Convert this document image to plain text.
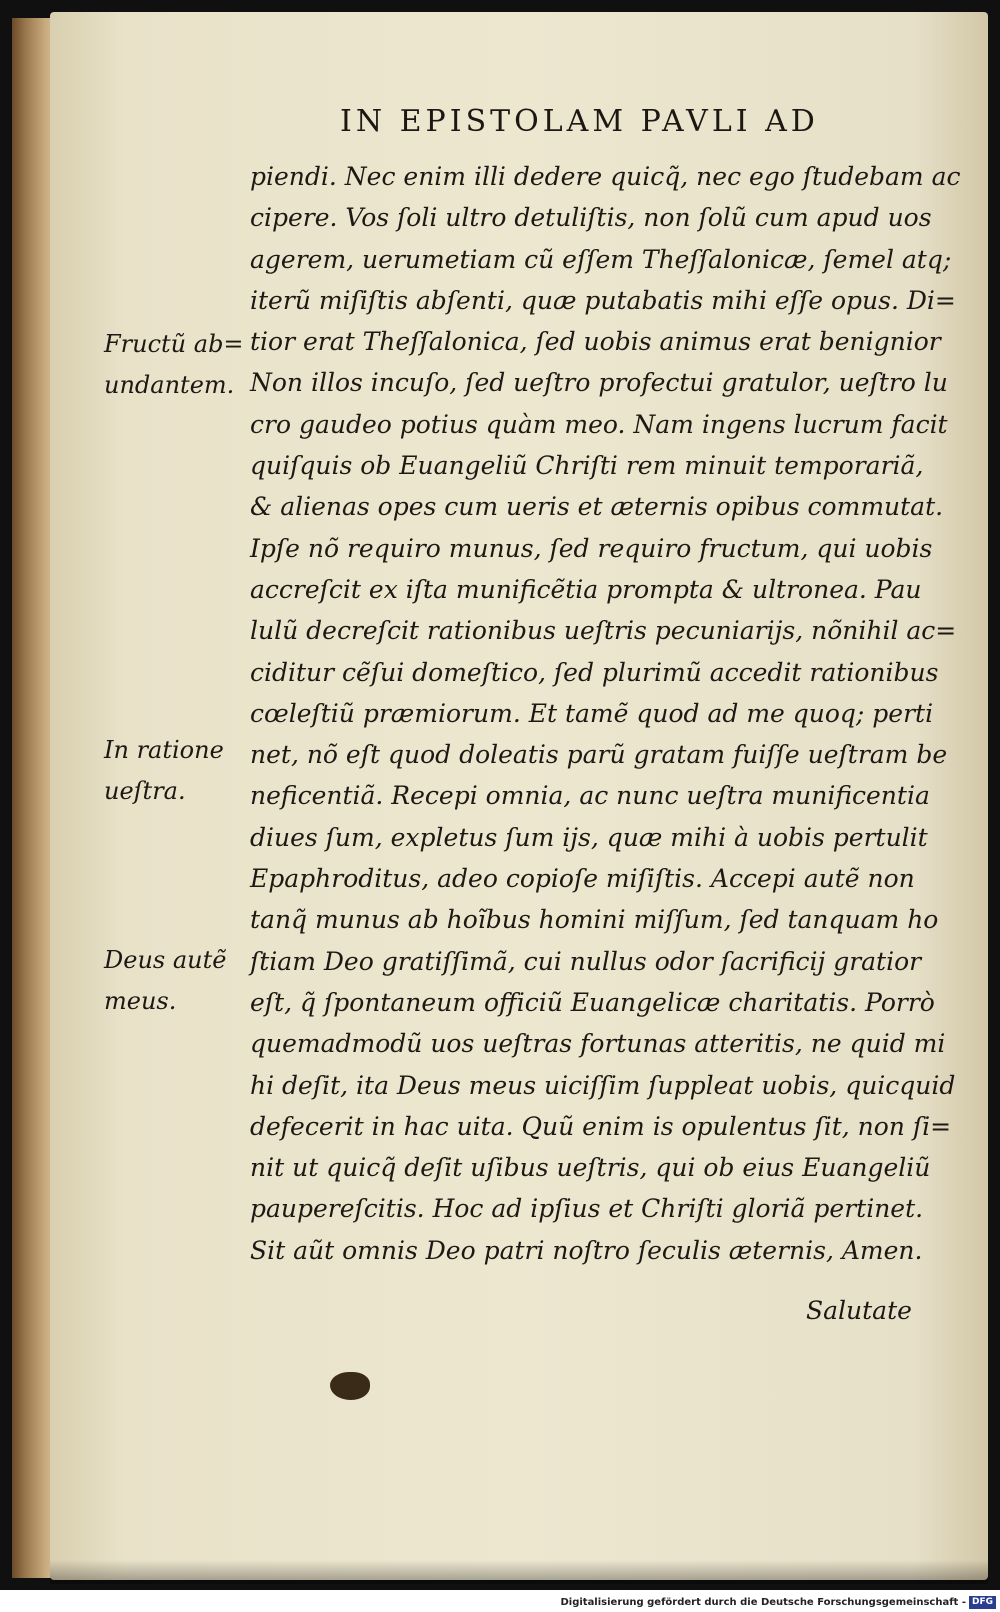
IN EPISTOLAM PAVLI AD
piendi. Nec enim illi dedere quicq̃, nec ego ſtudebam ac
cipere. Vos ſoli ultro detuliſtis, non ſolũ cum apud uos
agerem, uerumetiam cũ eſſem Theſſalonicæ, ſemel atq;
iterũ miſiſtis abſenti, quæ putabatis mihi eſſe opus. Di=
tior erat Theſſalonica, ſed uobis animus erat benignior
Non illos incuſo, ſed ueſtro profectui gratulor, ueſtro lu
cro gaudeo potius quàm meo. Nam ingens lucrum facit
quiſquis ob Euangeliũ Chriſti rem minuit temporariã,
& alienas opes cum ueris et æternis opibus commutat.
Ipſe nõ requiro munus, ſed requiro fructum, qui uobis
accreſcit ex iſta munificẽtia prompta & ultronea. Pau
lulũ decreſcit rationibus ueſtris pecuniarijs, nõnihil ac=
ciditur cẽſui domeſtico, ſed plurimũ accedit rationibus
cœleſtiũ præmiorum. Et tamẽ quod ad me quoq; perti
net, nõ eſt quod doleatis parũ gratam fuiſſe ueſtram be
neficentiã. Recepi omnia, ac nunc ueſtra munificentia
diues ſum, expletus ſum ijs, quæ mihi à uobis pertulit
Epaphroditus, adeo copioſe miſiſtis. Accepi autẽ non
tanq̃ munus ab hoĩbus homini miſſum, ſed tanquam ho
ſtiam Deo gratiſſimã, cui nullus odor ſacrificij gratior
eſt, q̃ ſpontaneum officiũ Euangelicæ charitatis. Porrò
quemadmodũ uos ueſtras fortunas atteritis, ne quid mi
hi deſit, ita Deus meus uiciſſim ſuppleat uobis, quicquid
defecerit in hac uita. Quũ enim is opulentus ſit, non ſi=
nit ut quicq̃ deſit uſibus ueſtris, qui ob eius Euangeliũ
paupereſcitis. Hoc ad ipſius et Chriſti gloriã pertinet.
Sit aũt omnis Deo patri noſtro ſeculis æternis, Amen.
Salutate
Fructũ ab=
undantem.
In ratione
ueſtra.
Deus autẽ
meus.
Digitalisierung gefördert durch die Deutsche Forschungsgemeinschaft - DFG
